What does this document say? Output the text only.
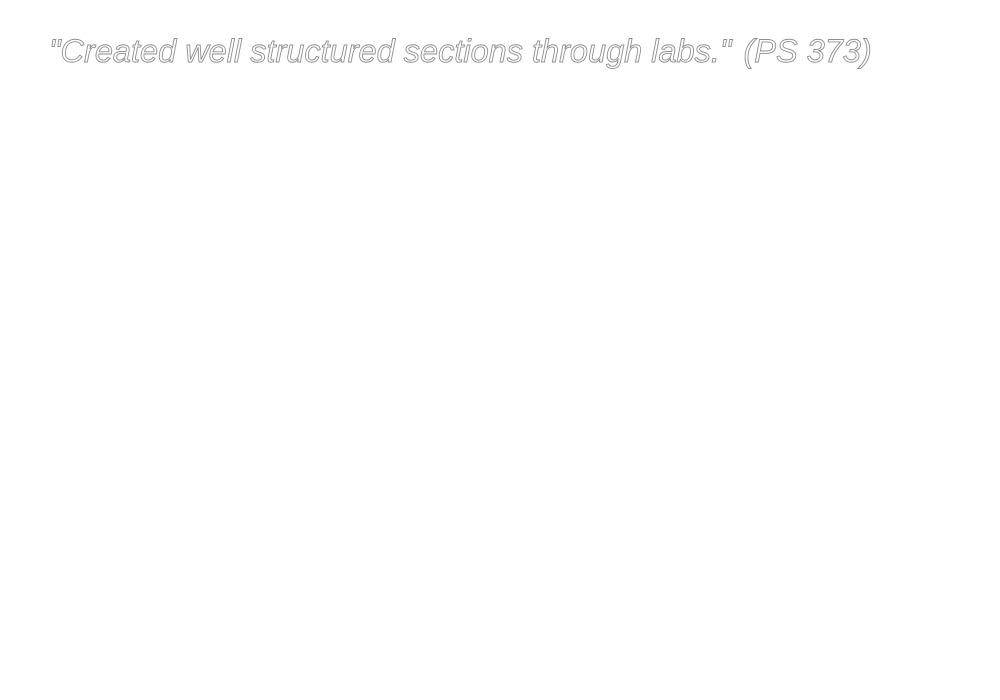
"Created well structured sections through labs." (PS 373)
